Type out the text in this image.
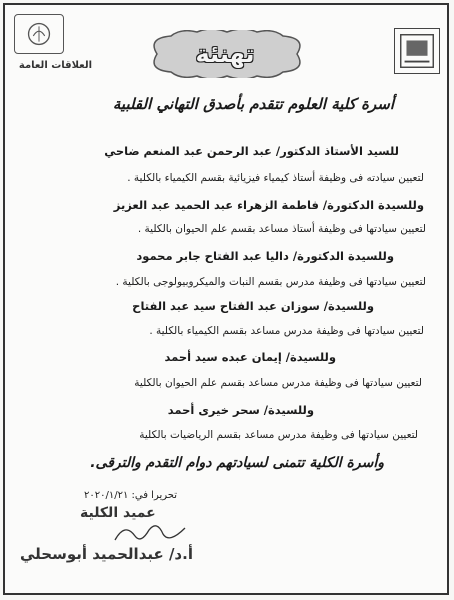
العلاقات العامة	تهنئة
أسرة كلية العلوم تتقدم بأصدق التهاني القلبية
للسيد الأستاذ الدكتور/ عبد الرحمن عبد المنعم ضاحي
لتعيين سيادته فى وظيفة أستاذ كيمياء فيزيائية بقسم الكيمياء بالكلية .
وللسيدة الدكتورة/ فاطمة الزهراء عبد الحميد عبد العزيز
لتعيين سيادتها فى وظيفة أستاذ مساعد بقسم علم الحيوان بالكلية .
وللسيدة الدكتورة/ داليا عبد الفتاح جابر محمود
لتعيين سيادتها فى وظيفة مدرس بقسم النبات والميكروبيولوجى بالكلية .
وللسيدة/ سوزان عبد الفتاح سيد عبد الفتاح
لتعيين سيادتها فى وظيفة مدرس مساعد بقسم الكيمياء بالكلية .
وللسيدة/ إيمان عبده سيد أحمد
لتعيين سيادتها فى وظيفة مدرس مساعد بقسم علم الحيوان بالكلية
وللسيدة/ سحر خيرى أحمد
لتعيين سيادتها فى وظيفة مدرس مساعد بقسم الرياضيات بالكلية
وأسرة الكلية تتمنى لسيادتهم دوام التقدم والترقى.
تحريرا في: ٢٠٢٠/١/٢١
عميد الكلية
أ.د/ عبدالحميد أبوسحلي
